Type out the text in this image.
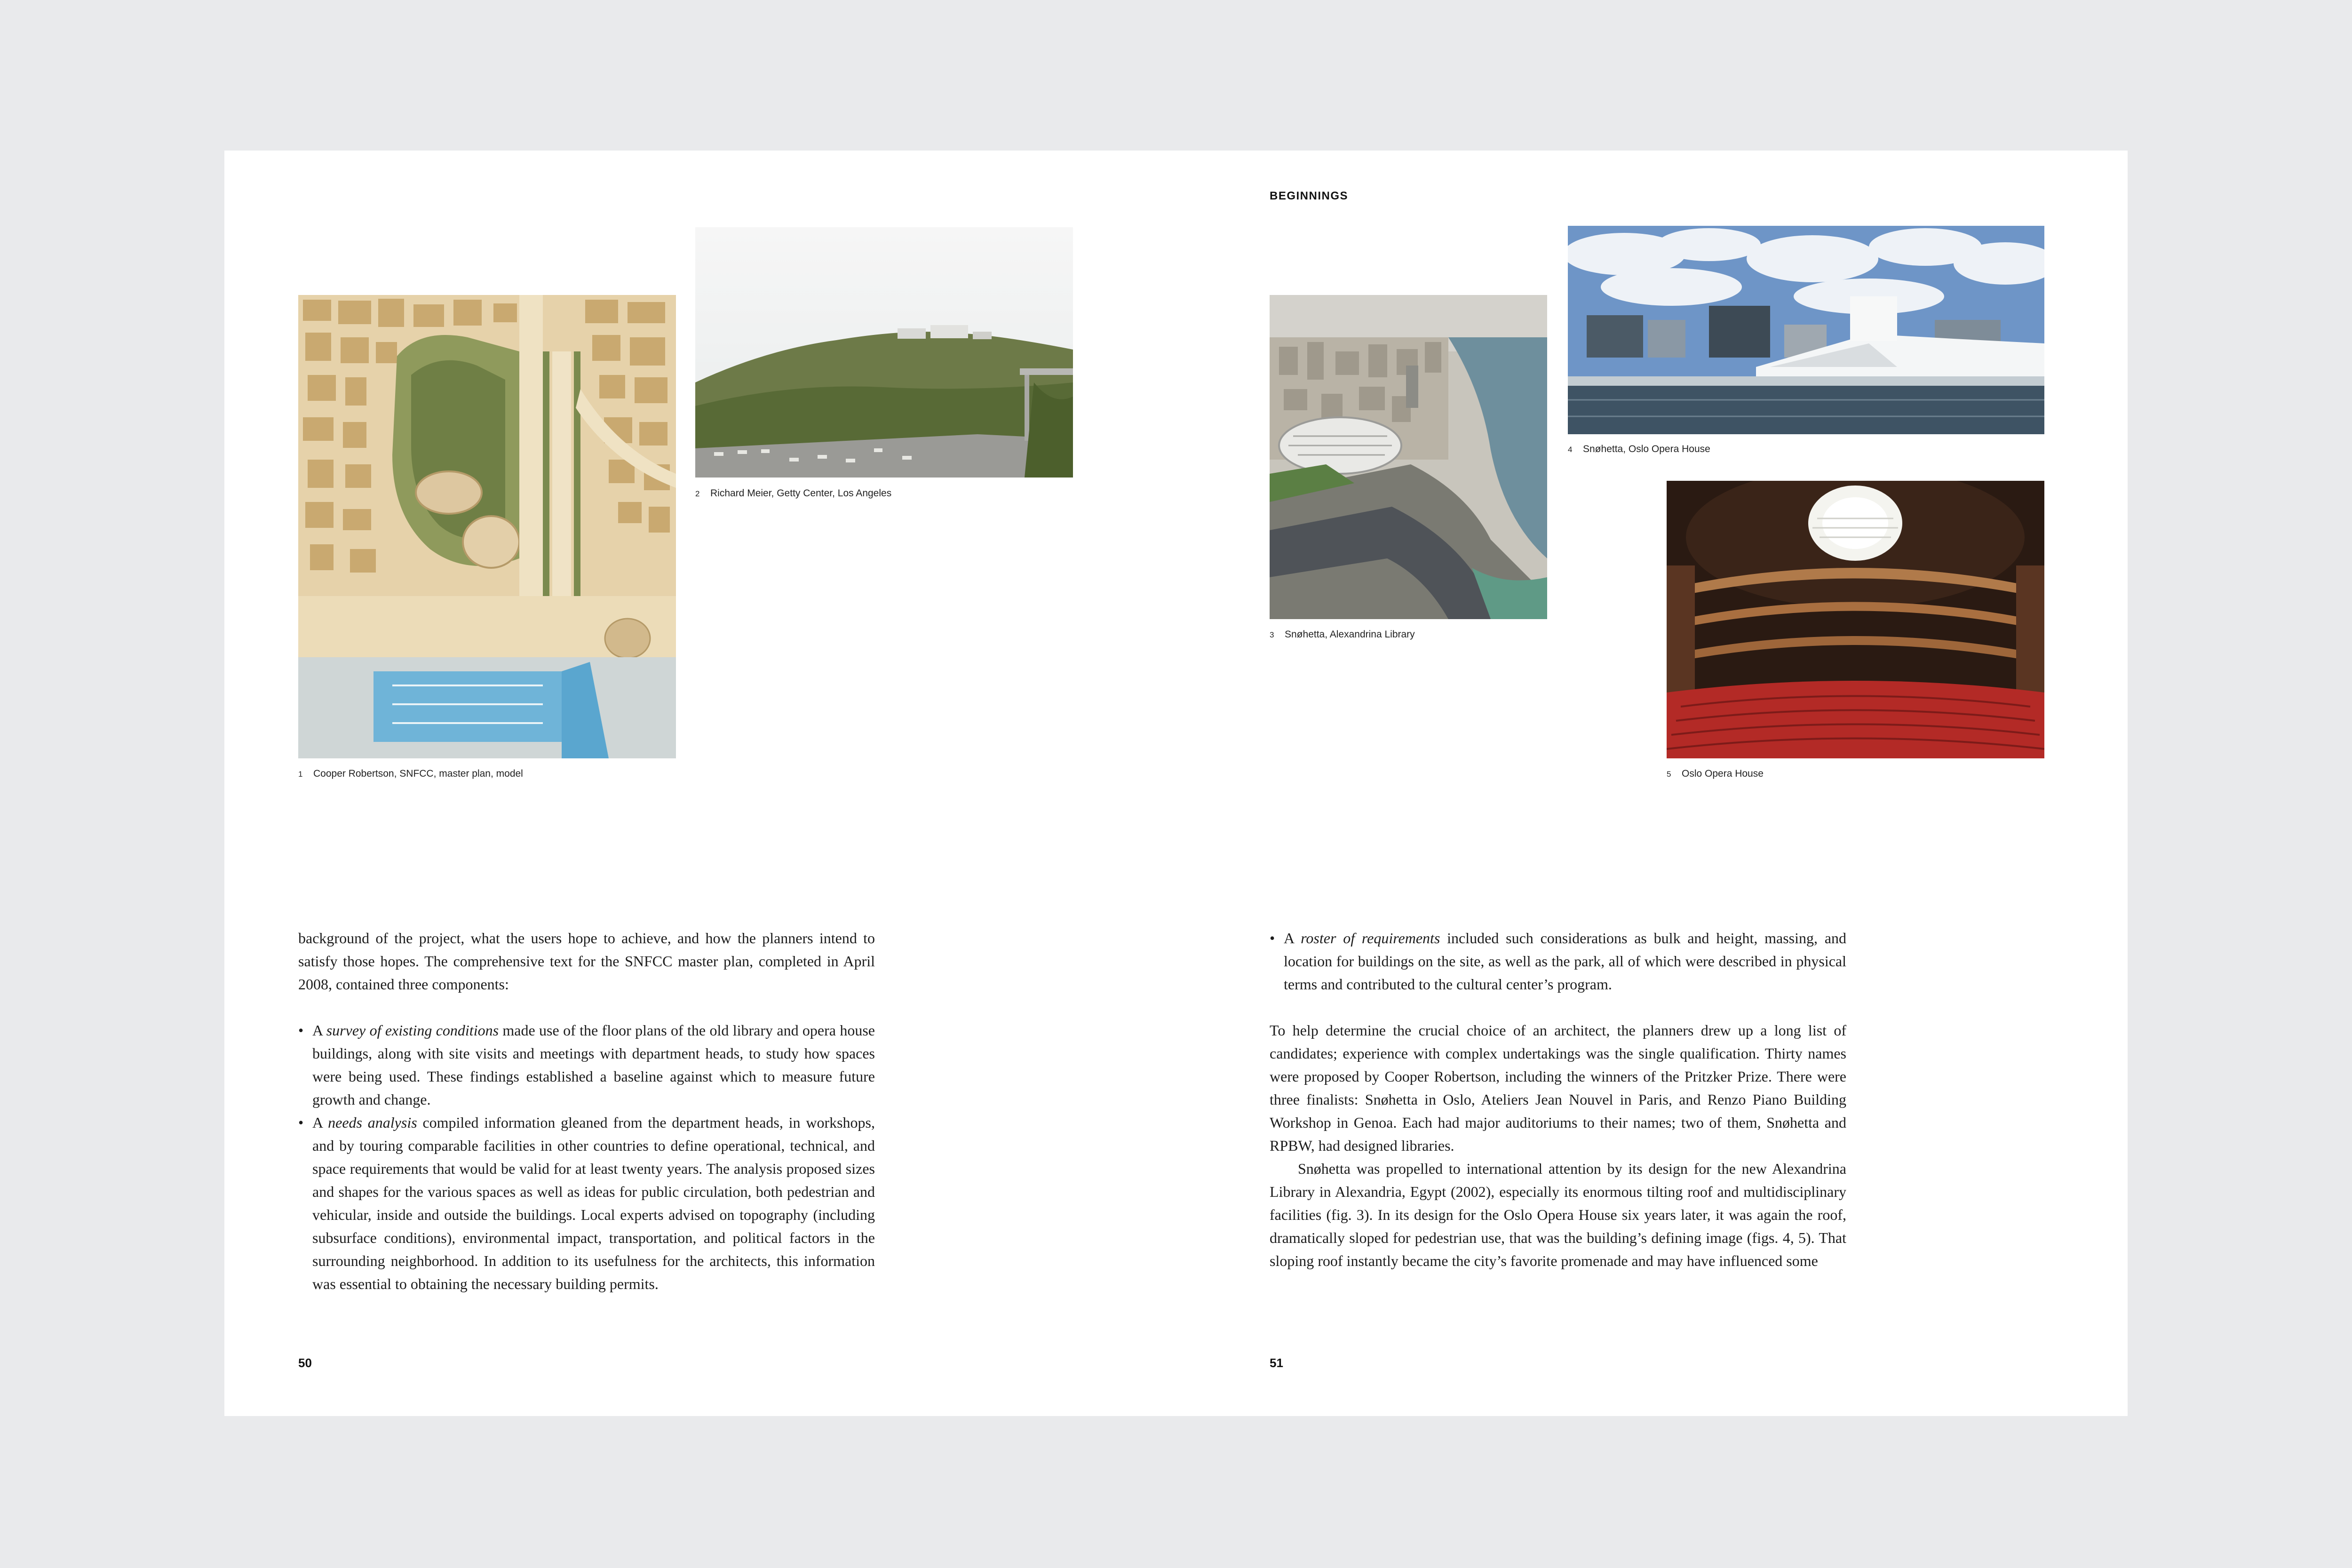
1 Cooper Robertson, SNFCC, master plan, model
2 Richard Meier, Getty Center, Los Angeles

background of the project, what the users hope to achieve, and how the planners intend to satisfy those hopes. The comprehensive text for the SNFCC master plan, completed in April 2008, contained three components:

• A survey of existing conditions made use of the floor plans of the old library and opera house buildings, along with site visits and meetings with department heads, to study how spaces were being used. These findings established a baseline against which to measure future growth and change.

• A needs analysis compiled information gleaned from the department heads, in workshops, and by touring comparable facilities in other countries to define operational, technical, and space requirements that would be valid for at least twenty years. The analysis proposed sizes and shapes for the various spaces as well as ideas for public circulation, both pedestrian and vehicular, inside and outside the buildings. Local experts advised on topography (including subsurface conditions), environmental impact, transportation, and political factors in the surrounding neighborhood. In addition to its usefulness for the architects, this information was essential to obtaining the necessary building permits.

50
BEGINNINGS
3 Snøhetta, Alexandrina Library
4 Snøhetta, Oslo Opera House
5 Oslo Opera House

• A roster of requirements included such considerations as bulk and height, massing, and location for buildings on the site, as well as the park, all of which were described in physical terms and contributed to the cultural center’s program.

To help determine the crucial choice of an architect, the planners drew up a long list of candidates; experience with complex undertakings was the single qualification. Thirty names were proposed by Cooper Robertson, including the winners of the Pritzker Prize. There were three finalists: Snøhetta in Oslo, Ateliers Jean Nouvel in Paris, and Renzo Piano Building Workshop in Genoa. Each had major auditoriums to their names; two of them, Snøhetta and RPBW, had designed libraries.

Snøhetta was propelled to international attention by its design for the new Alexandrina Library in Alexandria, Egypt (2002), especially its enormous tilting roof and multidisciplinary facilities (fig. 3). In its design for the Oslo Opera House six years later, it was again the roof, dramatically sloped for pedestrian use, that was the building’s defining image (figs. 4, 5). That sloping roof instantly became the city’s favorite promenade and may have influenced some

51
